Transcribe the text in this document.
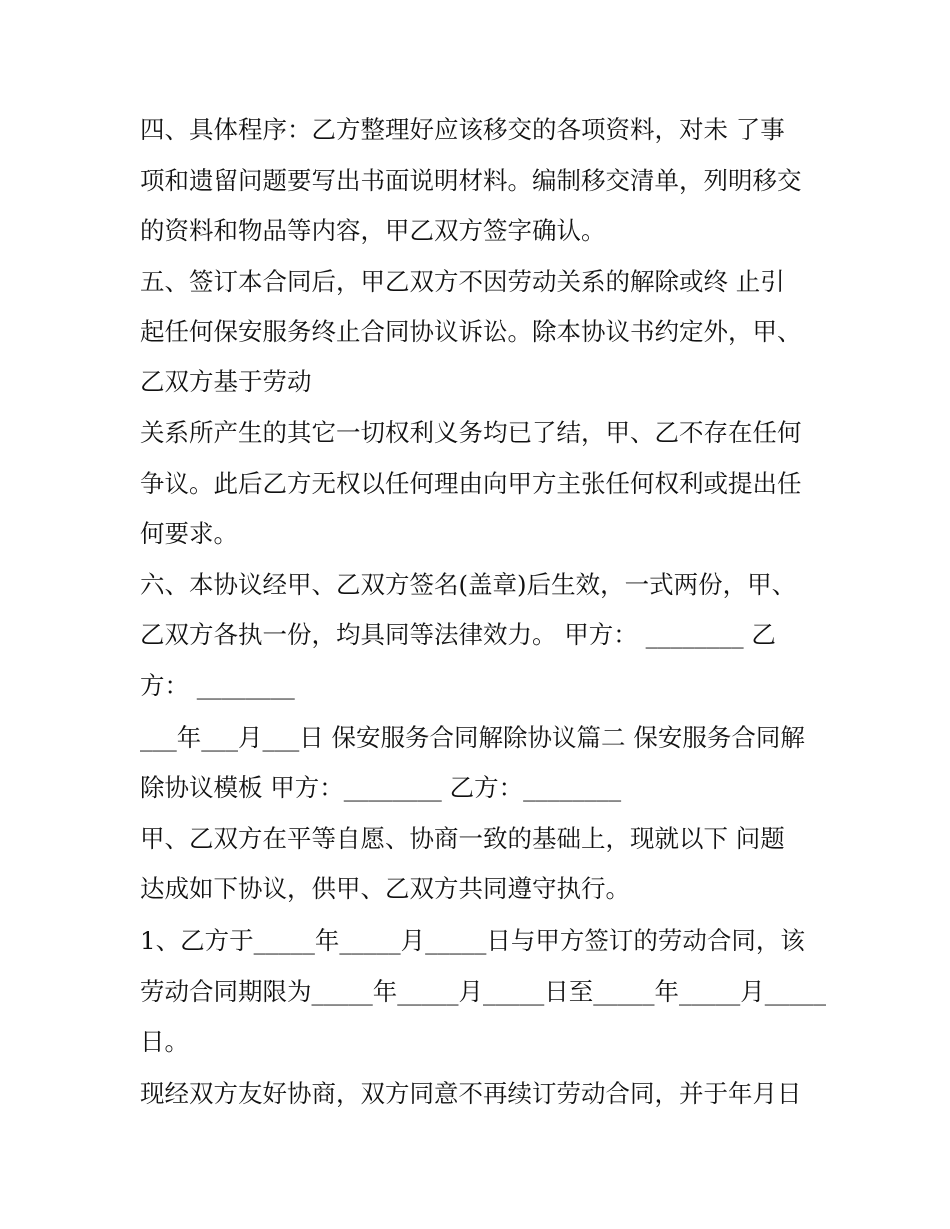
四、具体程序：乙方整理好应该移交的各项资料，对未 了事
项和遗留问题要写出书面说明材料。编制移交清单，列明移交
的资料和物品等内容，甲乙双方签字确认。
五、签订本合同后，甲乙双方不因劳动关系的解除或终 止引
起任何保安服务终止合同协议诉讼。除本协议书约定外，甲、
乙双方基于劳动
关系所产生的其它一切权利义务均已了结，甲、乙不存在任何
争议。此后乙方无权以任何理由向甲方主张任何权利或提出任
何要求。
六、本协议经甲、乙双方签名(盖章)后生效，一式两份，甲、
乙双方各执一份，均具同等法律效力。 甲方： ________ 乙
方： ________
___年___月___日 保安服务合同解除协议篇二 保安服务合同解
除协议模板 甲方：________ 乙方：________
甲、乙双方在平等自愿、协商一致的基础上，现就以下 问题
达成如下协议，供甲、乙双方共同遵守执行。
1、乙方于_____年_____月_____日与甲方签订的劳动合同，该
劳动合同期限为_____年_____月_____日至_____年_____月_____
日。
现经双方友好协商，双方同意不再续订劳动合同，并于年月日
